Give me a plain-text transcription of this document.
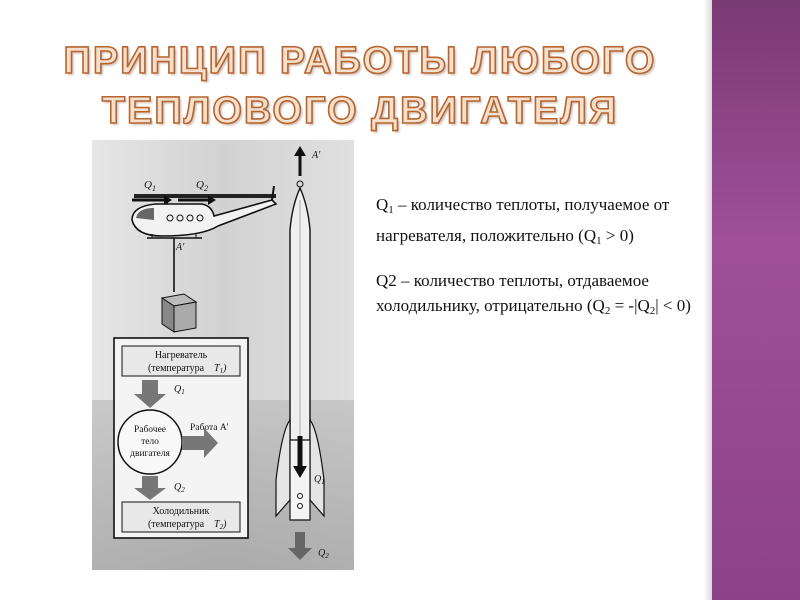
ПРИНЦИП РАБОТЫ ЛЮБОГО
ТЕПЛОВОГО ДВИГАТЕЛЯ
$Q_1$	$Q_2$
A'
Нагреватель
(температура $T_1$)
$Q_1$
Рабочее
тело
двигателя
Работа A'
$Q_2$
Холодильник
(температура $T_2$)
A'
$Q_1$
$Q_2$

$Q_1$ – количество теплоты, получаемое от нагревателя, положительно $(Q_1 > 0)$

Q2 – количество теплоты, отдаваемое холодильнику, отрицательно $(Q_2 = -|Q_2| < 0)$
